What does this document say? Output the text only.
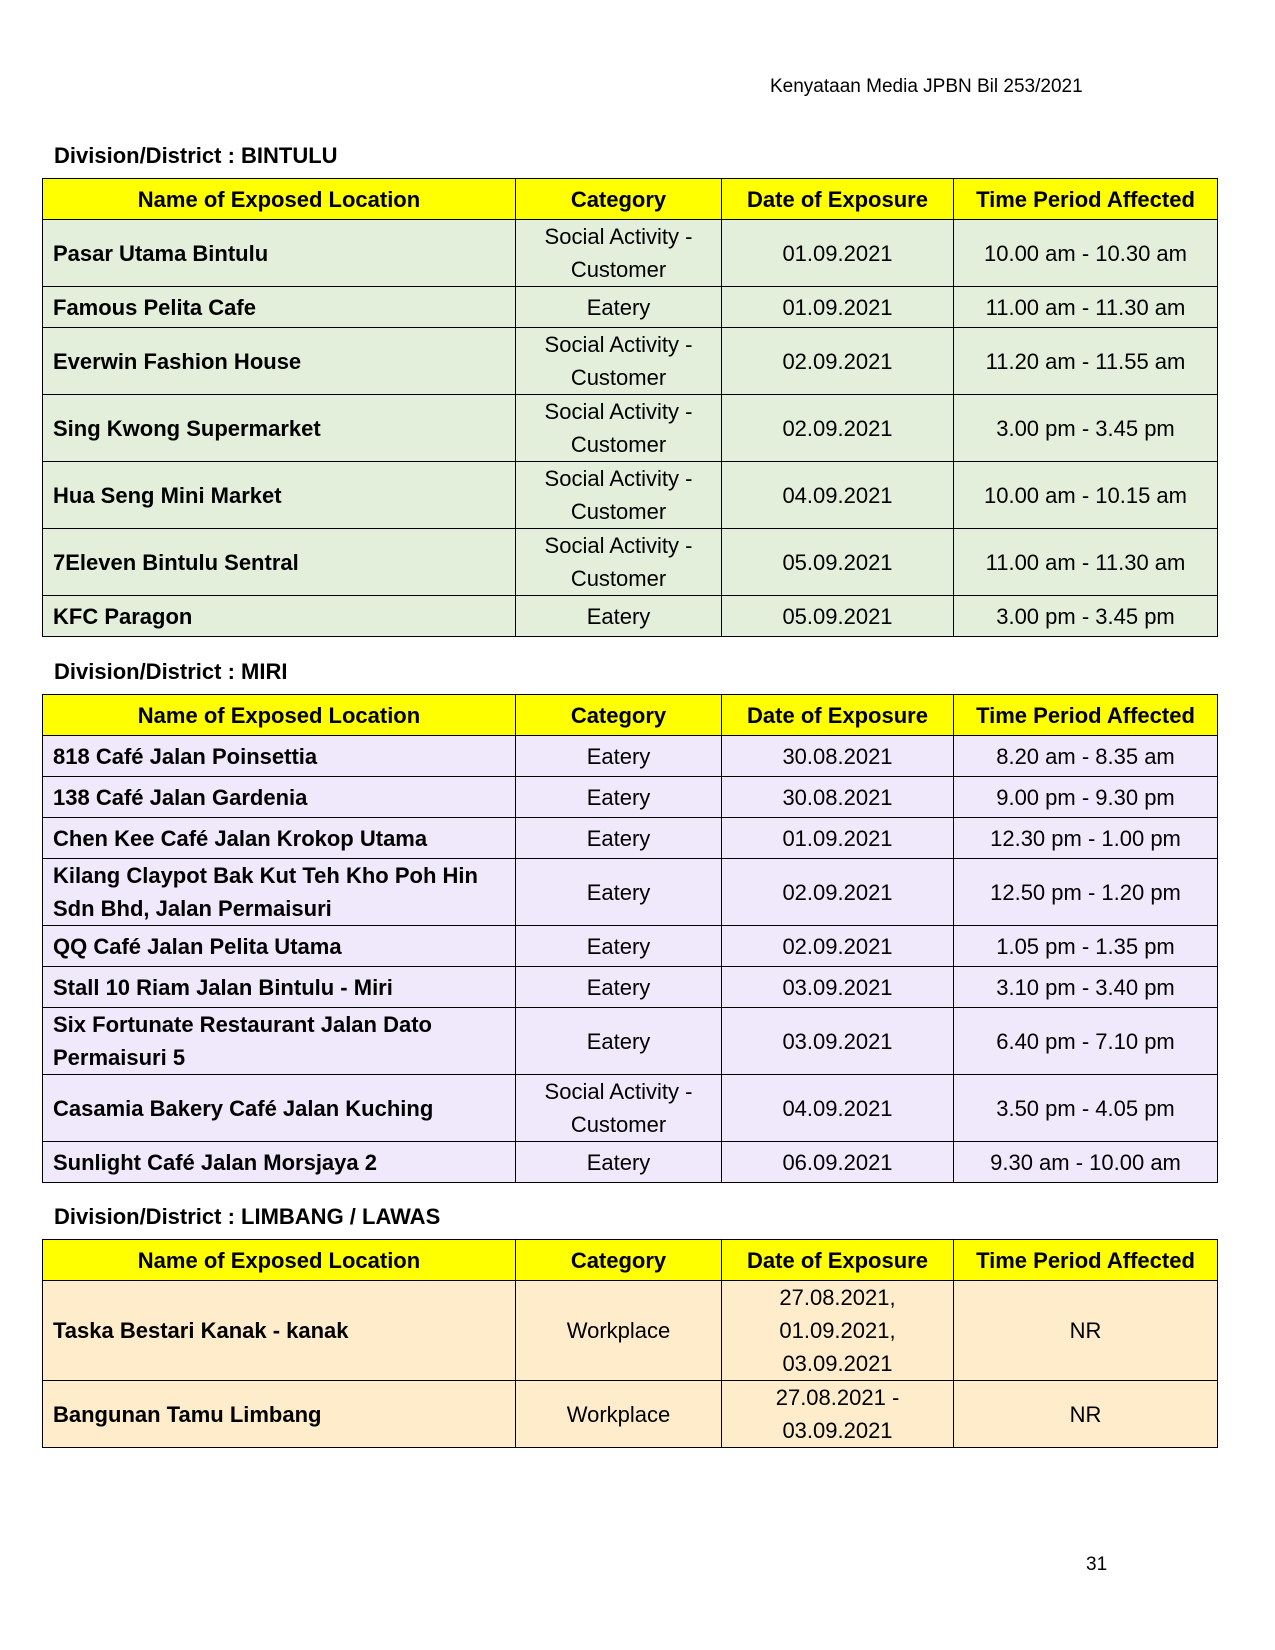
Kenyataan Media JPBN Bil 253/2021
Division/District : BINTULU
Name of Exposed Location	Category	Date of Exposure	Time Period Affected
Pasar Utama Bintulu	Social Activity -
Customer	01.09.2021	10.00 am - 10.30 am
Famous Pelita Cafe	Eatery	01.09.2021	11.00 am - 11.30 am
Everwin Fashion House	Social Activity -
Customer	02.09.2021	11.20 am - 11.55 am
Sing Kwong Supermarket	Social Activity -
Customer	02.09.2021	3.00 pm - 3.45 pm
Hua Seng Mini Market	Social Activity -
Customer	04.09.2021	10.00 am - 10.15 am
7Eleven Bintulu Sentral	Social Activity -
Customer	05.09.2021	11.00 am - 11.30 am
KFC Paragon	Eatery	05.09.2021	3.00 pm - 3.45 pm
Division/District : MIRI
Name of Exposed Location	Category	Date of Exposure	Time Period Affected
818 Café Jalan Poinsettia	Eatery	30.08.2021	8.20 am - 8.35 am
138 Café Jalan Gardenia	Eatery	30.08.2021	9.00 pm - 9.30 pm
Chen Kee Café Jalan Krokop Utama	Eatery	01.09.2021	12.30 pm - 1.00 pm
Kilang Claypot Bak Kut Teh Kho Poh Hin
Sdn Bhd, Jalan Permaisuri	Eatery	02.09.2021	12.50 pm - 1.20 pm
QQ Café Jalan Pelita Utama	Eatery	02.09.2021	1.05 pm - 1.35 pm
Stall 10 Riam Jalan Bintulu - Miri	Eatery	03.09.2021	3.10 pm - 3.40 pm
Six Fortunate Restaurant Jalan Dato
Permaisuri 5	Eatery	03.09.2021	6.40 pm - 7.10 pm
Casamia Bakery Café Jalan Kuching	Social Activity -
Customer	04.09.2021	3.50 pm - 4.05 pm
Sunlight Café Jalan Morsjaya 2	Eatery	06.09.2021	9.30 am - 10.00 am
Division/District : LIMBANG / LAWAS
Name of Exposed Location	Category	Date of Exposure	Time Period Affected
Taska Bestari Kanak - kanak	Workplace	27.08.2021,
01.09.2021,
03.09.2021	NR
Bangunan Tamu Limbang	Workplace	27.08.2021 -
03.09.2021	NR
31
